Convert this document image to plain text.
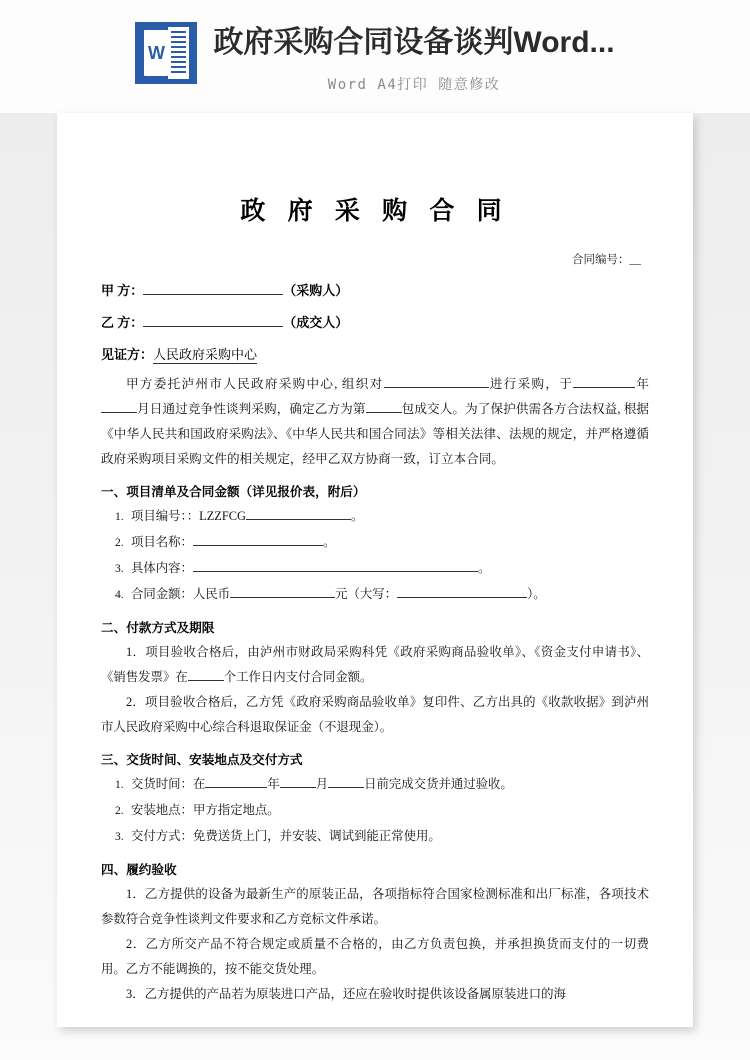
W
政府采购合同设备谈判Word...
Word A4打印 随意修改
政 府 采 购 合 同
合同编号：__
甲 方：	（采购人）
乙 方：	（成交人）
见证方：人民政府采购中心

甲方委托泸州市人民政府采购中心, 组织对	进行采购，于	年月日通过竞争性谈判采购，确定乙方为第	包成交人。为了保护供需各方合法权益, 根据《中华人民共和国政府采购法》、《中华人民共和国合同法》等相关法律、法规的规定，并严格遵循政府采购项目采购文件的相关规定，经甲乙双方协商一致，订立本合同。

一、项目清单及合同金额（详见报价表，附后）
1. 项目编号：：LZZFCG	。
2. 项目名称：	。
3. 具体内容：	。
4. 合同金额：人民币	元（大写：	）。
二、付款方式及期限

1．项目验收合格后，由泸州市财政局采购科凭《政府采购商品验收单》、《资金支付申请书》、《销售发票》在	个工作日内支付合同金额。

2．项目验收合格后，乙方凭《政府采购商品验收单》复印件、乙方出具的《收款收据》到泸州市人民政府采购中心综合科退取保证金（不退现金）。

三、交货时间、安装地点及交付方式
1. 交货时间：在	年	月	日前完成交货并通过验收。
2. 安装地点：甲方指定地点。
3. 交付方式：免费送货上门，并安装、调试到能正常使用。
四、履约验收

1．乙方提供的设备为最新生产的原装正品，各项指标符合国家检测标准和出厂标准，各项技术参数符合竞争性谈判文件要求和乙方竞标文件承诺。

2．乙方所交产品不符合规定或质量不合格的，由乙方负责包换，并承担换货而支付的一切费用。乙方不能调换的，按不能交货处理。

3．乙方提供的产品若为原装进口产品，还应在验收时提供该设备属原装进口的海
